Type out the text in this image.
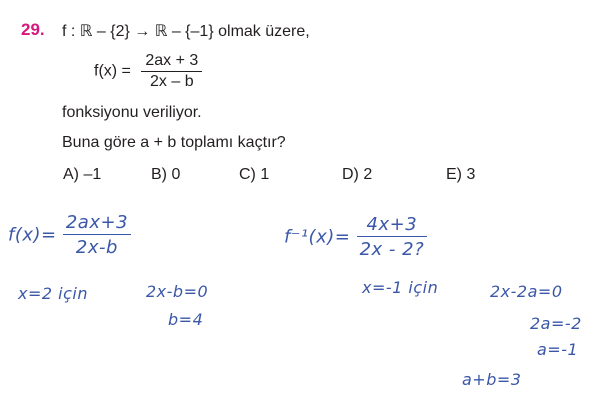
29. f : ℝ – {2} → ℝ – {–1} olmak üzere,
$f(x) = \frac{2ax + 3}{2x - b}$
fonksiyonu veriliyor.
Buna göre a + b toplamı kaçtır?
A) –1	B) 0	C) 1	D) 2	E) 3
$f(x)= \frac{2ax+3}{2x-b}$	$f^{-1}(x)= \frac{4x+3}{2x - 2?}$
x=2 için	2x-b=0
b=4
x=-1 için	2x-2a=0
2a=-2
a=-1
a+b=3
